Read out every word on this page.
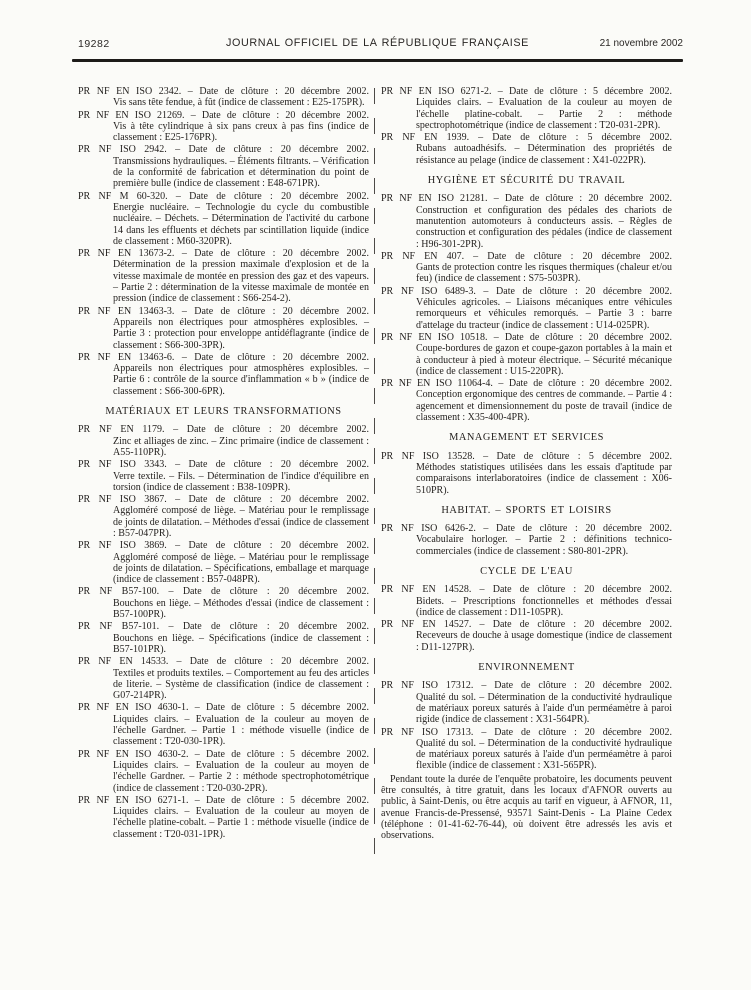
19282	JOURNAL OFFICIEL DE LA RÉPUBLIQUE FRANÇAISE	21 novembre 2002
PR NF EN ISO 2342. – Date de clôture : 20 décembre 2002.
Vis sans tête fendue, à fût (indice de classement : E25-175PR).
PR NF EN ISO 21269. – Date de clôture : 20 décembre 2002.
Vis à tête cylindrique à six pans creux à pas fins (indice de classement : E25-176PR).
PR NF ISO 2942. – Date de clôture : 20 décembre 2002.
Transmissions hydrauliques. – Éléments filtrants. – Vérification de la conformité de fabrication et détermination du point de première bulle (indice de classement : E48-671PR).
PR NF M 60-320. – Date de clôture : 20 décembre 2002.
Energie nucléaire. – Technologie du cycle du combustible nucléaire. – Déchets. – Détermination de l'activité du carbone 14 dans les effluents et déchets par scintillation liquide (indice de classement : M60-320PR).
PR NF EN 13673-2. – Date de clôture : 20 décembre 2002.
Détermination de la pression maximale d'explosion et de la vitesse maximale de montée en pression des gaz et des vapeurs. – Partie 2 : détermination de la vitesse maximale de montée en pression (indice de classement : S66-254-2).
PR NF EN 13463-3. – Date de clôture : 20 décembre 2002.
Appareils non électriques pour atmosphères explosibles. – Partie 3 : protection pour enveloppe antidéflagrante (indice de classement : S66-300-3PR).
PR NF EN 13463-6. – Date de clôture : 20 décembre 2002.
Appareils non électriques pour atmosphères explosibles. – Partie 6 : contrôle de la source d'inflammation « b » (indice de classement : S66-300-6PR).
MATÉRIAUX ET LEURS TRANSFORMATIONS
PR NF EN 1179. – Date de clôture : 20 décembre 2002.
Zinc et alliages de zinc. – Zinc primaire (indice de classement : A55-110PR).
PR NF ISO 3343. – Date de clôture : 20 décembre 2002.
Verre textile. – Fils. – Détermination de l'indice d'équilibre en torsion (indice de classement : B38-109PR).
PR NF ISO 3867. – Date de clôture : 20 décembre 2002.
Aggloméré composé de liège. – Matériau pour le remplissage de joints de dilatation. – Méthodes d'essai (indice de classement : B57-047PR).
PR NF ISO 3869. – Date de clôture : 20 décembre 2002.
Aggloméré composé de liège. – Matériau pour le remplissage de joints de dilatation. – Spécifications, emballage et marquage (indice de classement : B57-048PR).
PR NF B57-100. – Date de clôture : 20 décembre 2002.
Bouchons en liège. – Méthodes d'essai (indice de classement : B57-100PR).
PR NF B57-101. – Date de clôture : 20 décembre 2002.
Bouchons en liège. – Spécifications (indice de classement : B57-101PR).
PR NF EN 14533. – Date de clôture : 20 décembre 2002.
Textiles et produits textiles. – Comportement au feu des articles de literie. – Système de classification (indice de classement : G07-214PR).
PR NF EN ISO 4630-1. – Date de clôture : 5 décembre 2002.
Liquides clairs. – Evaluation de la couleur au moyen de l'échelle Gardner. – Partie 1 : méthode visuelle (indice de classement : T20-030-1PR).
PR NF EN ISO 4630-2. – Date de clôture : 5 décembre 2002.
Liquides clairs. – Evaluation de la couleur au moyen de l'échelle Gardner. – Partie 2 : méthode spectrophotométrique (indice de classement : T20-030-2PR).
PR NF EN ISO 6271-1. – Date de clôture : 5 décembre 2002.
Liquides clairs. – Evaluation de la couleur au moyen de l'échelle platine-cobalt. – Partie 1 : méthode visuelle (indice de classement : T20-031-1PR).
PR NF EN ISO 6271-2. – Date de clôture : 5 décembre 2002.
Liquides clairs. – Evaluation de la couleur au moyen de l'échelle platine-cobalt. – Partie 2 : méthode spectrophotométrique (indice de classement : T20-031-2PR).
PR NF EN 1939. – Date de clôture : 5 décembre 2002.
Rubans autoadhésifs. – Détermination des propriétés de résistance au pelage (indice de classement : X41-022PR).
HYGIÈNE ET SÉCURITÉ DU TRAVAIL
PR NF EN ISO 21281. – Date de clôture : 20 décembre 2002.
Construction et configuration des pédales des chariots de manutention automoteurs à conducteurs assis. – Règles de construction et configuration des pédales (indice de classement : H96-301-2PR).
PR NF EN 407. – Date de clôture : 20 décembre 2002.
Gants de protection contre les risques thermiques (chaleur et/ou feu) (indice de classement : S75-503PR).
PR NF ISO 6489-3. – Date de clôture : 20 décembre 2002.
Véhicules agricoles. – Liaisons mécaniques entre véhicules remorqueurs et véhicules remorqués. – Partie 3 : barre d'attelage du tracteur (indice de classement : U14-025PR).
PR NF EN ISO 10518. – Date de clôture : 20 décembre 2002.
Coupe-bordures de gazon et coupe-gazon portables à la main et à conducteur à pied à moteur électrique. – Sécurité mécanique (indice de classement : U15-220PR).
PR NF EN ISO 11064-4. – Date de clôture : 20 décembre 2002.
Conception ergonomique des centres de commande. – Partie 4 : agencement et dimensionnement du poste de travail (indice de classement : X35-400-4PR).
MANAGEMENT ET SERVICES
PR NF ISO 13528. – Date de clôture : 5 décembre 2002.
Méthodes statistiques utilisées dans les essais d'aptitude par comparaisons interlaboratoires (indice de classement : X06-510PR).
HABITAT. – SPORTS ET LOISIRS
PR NF ISO 6426-2. – Date de clôture : 20 décembre 2002.
Vocabulaire horloger. – Partie 2 : définitions technico-commerciales (indice de classement : S80-801-2PR).
CYCLE DE L'EAU
PR NF EN 14528. – Date de clôture : 20 décembre 2002.
Bidets. – Prescriptions fonctionnelles et méthodes d'essai (indice de classement : D11-105PR).
PR NF EN 14527. – Date de clôture : 20 décembre 2002.
Receveurs de douche à usage domestique (indice de classement : D11-127PR).
ENVIRONNEMENT
PR NF ISO 17312. – Date de clôture : 20 décembre 2002.
Qualité du sol. – Détermination de la conductivité hydraulique de matériaux poreux saturés à l'aide d'un perméamètre à paroi rigide (indice de classement : X31-564PR).
PR NF ISO 17313. – Date de clôture : 20 décembre 2002.
Qualité du sol. – Détermination de la conductivité hydraulique de matériaux poreux saturés à l'aide d'un perméamètre à paroi flexible (indice de classement : X31-565PR).

Pendant toute la durée de l'enquête probatoire, les documents peuvent être consultés, à titre gratuit, dans les locaux d'AFNOR ouverts au public, à Saint-Denis, ou être acquis au tarif en vigueur, à AFNOR, 11, avenue Francis-de-Pressensé, 93571 Saint-Denis - La Plaine Cedex (téléphone : 01-41-62-76-44), où doivent être adressés les avis et observations.
